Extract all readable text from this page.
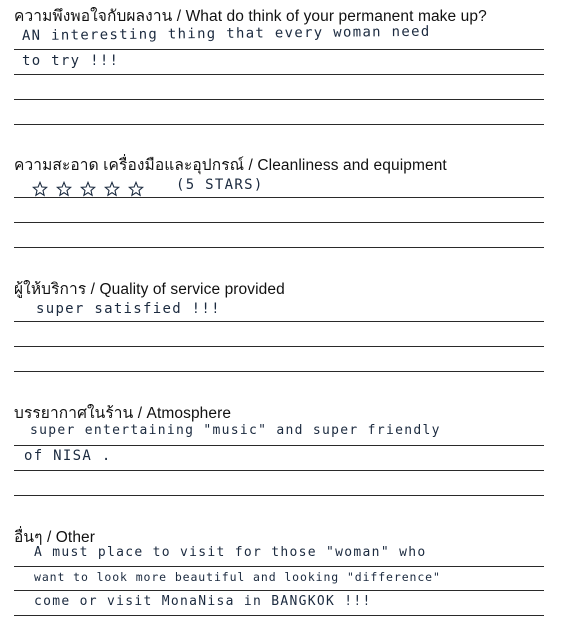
ความพึงพอใจกับผลงาน / What do think of your permanent make up?
AN interesting thing that every woman need
to try !!!
ความสะอาด เครื่องมือและอุปกรณ์ / Cleanliness and equipment
(5 STARS)
ผู้ให้บริการ / Quality of service provided
super satisfied !!!
บรรยากาศในร้าน / Atmosphere
super entertaining "music" and super friendly
of NISA .
อื่นๆ / Other
A must place to visit for those "woman" who
want to look more beautiful and looking "difference"
come or visit MonaNisa in BANGKOK !!!
